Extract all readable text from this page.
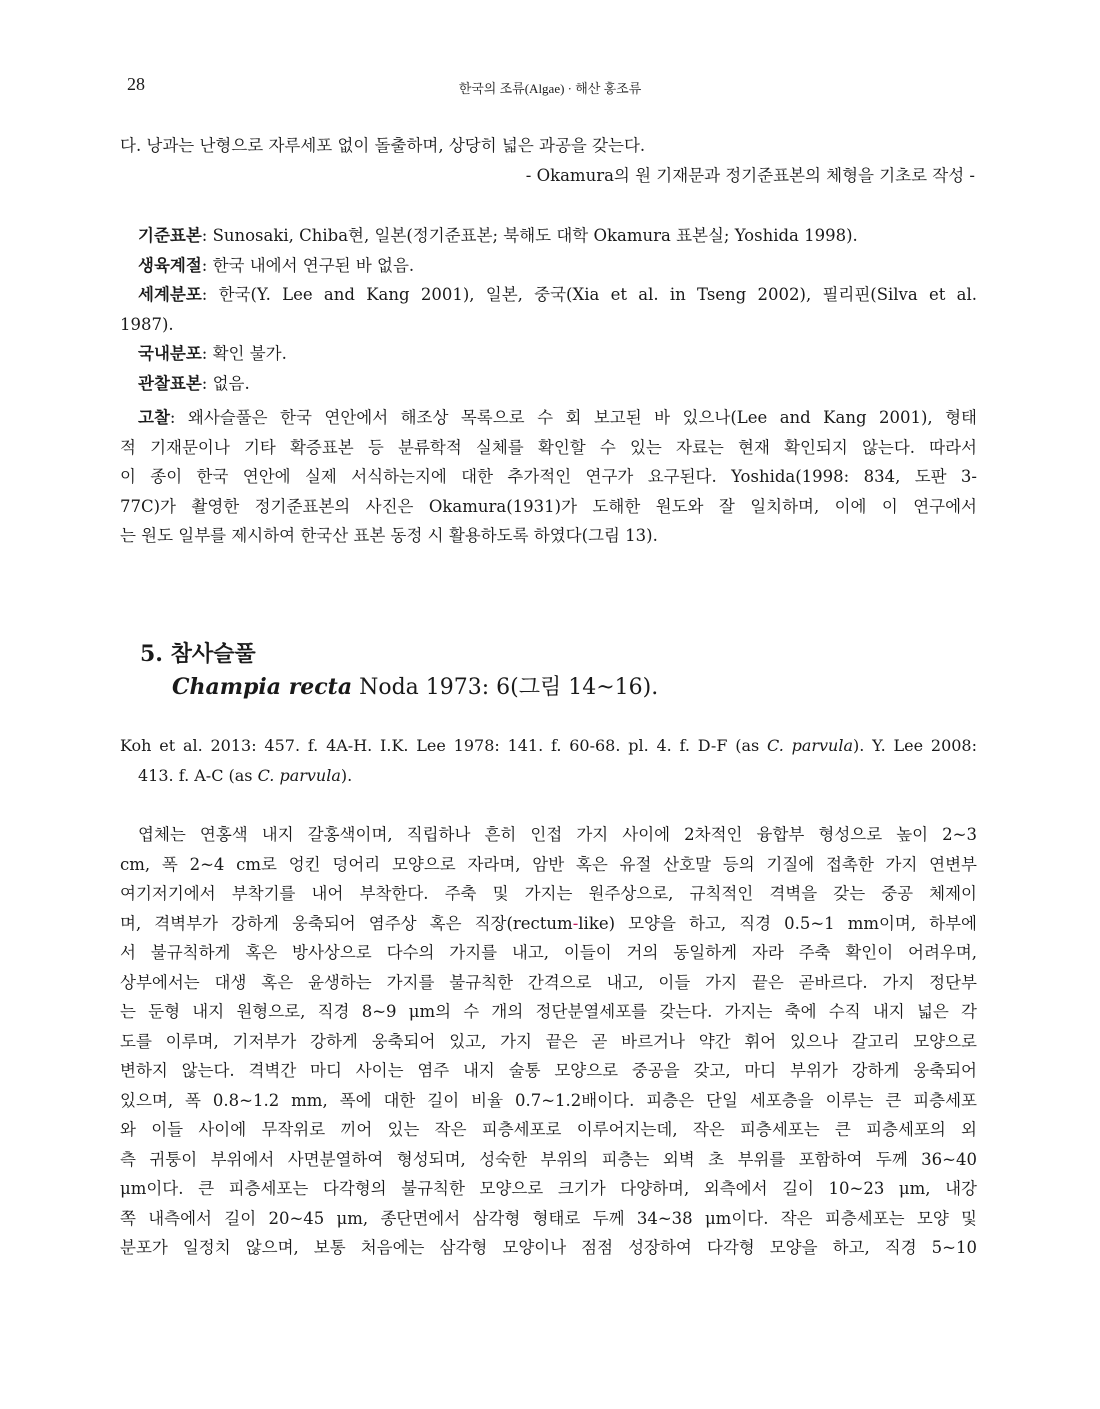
28	한국의 조류(Algae) · 해산 홍조류
다. 낭과는 난형으로 자루세포 없이 돌출하며, 상당히 넓은 과공을 갖는다.
- Okamura의 원 기재문과 정기준표본의 체형을 기초로 작성 -
기준표본: Sunosaki, Chiba현, 일본(정기준표본; 북해도 대학 Okamura 표본실; Yoshida 1998).
생육계절: 한국 내에서 연구된 바 없음.
세계분포: 한국(Y. Lee and Kang 2001), 일본, 중국(Xia et al. in Tseng 2002), 필리핀(Silva et al.
1987).
국내분포: 확인 불가.
관찰표본: 없음.
고찰: 왜사슬풀은 한국 연안에서 해조상 목록으로 수 회 보고된 바 있으나(Lee and Kang 2001), 형태
적 기재문이나 기타 확증표본 등 분류학적 실체를 확인할 수 있는 자료는 현재 확인되지 않는다. 따라서
이 종이 한국 연안에 실제 서식하는지에 대한 추가적인 연구가 요구된다. Yoshida(1998: 834, 도판 3-
77C)가 촬영한 정기준표본의 사진은 Okamura(1931)가 도해한 원도와 잘 일치하며, 이에 이 연구에서
는 원도 일부를 제시하여 한국산 표본 동정 시 활용하도록 하였다(그림 13).
5. 참사슬풀
Champia recta Noda 1973: 6(그림 14~16).
Koh et al. 2013: 457. f. 4A-H. I.K. Lee 1978: 141. f. 60-68. pl. 4. f. D-F (as C. parvula). Y. Lee 2008:
413. f. A-C (as C. parvula).
엽체는 연홍색 내지 갈홍색이며, 직립하나 흔히 인접 가지 사이에 2차적인 융합부 형성으로 높이 2~3
cm, 폭 2~4 cm로 엉킨 덩어리 모양으로 자라며, 암반 혹은 유절 산호말 등의 기질에 접촉한 가지 연변부
여기저기에서 부착기를 내어 부착한다. 주축 및 가지는 원주상으로, 규칙적인 격벽을 갖는 중공 체제이
며, 격벽부가 강하게 웅축되어 염주상 혹은 직장(rectum-like) 모양을 하고, 직경 0.5~1 mm이며, 하부에
서 불규칙하게 혹은 방사상으로 다수의 가지를 내고, 이들이 거의 동일하게 자라 주축 확인이 어려우며,
상부에서는 대생 혹은 윤생하는 가지를 불규칙한 간격으로 내고, 이들 가지 끝은 곧바르다. 가지 정단부
는 둔형 내지 원형으로, 직경 8~9 μm의 수 개의 정단분열세포를 갖는다. 가지는 축에 수직 내지 넓은 각
도를 이루며, 기저부가 강하게 웅축되어 있고, 가지 끝은 곧 바르거나 약간 휘어 있으나 갈고리 모양으로
변하지 않는다. 격벽간 마디 사이는 염주 내지 술통 모양으로 중공을 갖고, 마디 부위가 강하게 웅축되어
있으며, 폭 0.8~1.2 mm, 폭에 대한 길이 비율 0.7~1.2배이다. 피층은 단일 세포층을 이루는 큰 피층세포
와 이들 사이에 무작위로 끼어 있는 작은 피층세포로 이루어지는데, 작은 피층세포는 큰 피층세포의 외
측 귀퉁이 부위에서 사면분열하여 형성되며, 성숙한 부위의 피층는 외벽 초 부위를 포함하여 두께 36~40
μm이다. 큰 피층세포는 다각형의 불규칙한 모양으로 크기가 다양하며, 외측에서 길이 10~23 μm, 내강
쪽 내측에서 길이 20~45 μm, 종단면에서 삼각형 형태로 두께 34~38 μm이다. 작은 피층세포는 모양 및
분포가 일정치 않으며, 보통 처음에는 삼각형 모양이나 점점 성장하여 다각형 모양을 하고, 직경 5~10
